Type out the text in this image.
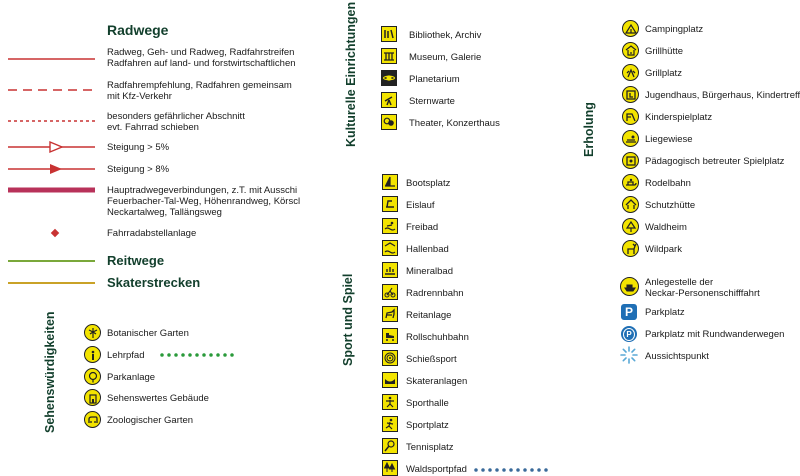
Radwege
Radweg, Geh- und Radweg, Radfahrstreifen
Radfahren auf land- und forstwirtschaftlichen
Radfahrempfehlung, Radfahren gemeinsam
mit Kfz-Verkehr
besonders gefährlicher Abschnitt
evt. Fahrrad schieben
Steigung > 5%
Steigung > 8%
Hauptradwegeverbindungen, z.T. mit Ausschi
Feuerbacher-Tal-Weg, Höhenrandweg, Körscl
Neckartalweg, Tallängsweg
Fahrradabstellanlage
Reitwege
Skaterstrecken
Sehenswürdigkeiten	Botanischer Garten
Lehrpfad
Parkanlage
Sehenswertes Gebäude
Zoologischer Garten
Kulturelle Einrichtungen	Bibliothek, Archiv
Museum, Galerie
Planetarium
Sternwarte
Theater, Konzerthaus
Sport und Spiel
Bootsplatz
Eislauf
Freibad
Hallenbad
Mineralbad
Radrennbahn
Reitanlage
Rollschuhbahn
Schießsport
Skateranlagen
Sporthalle
Sportplatz
Tennisplatz
Waldsportpfad
Erholung
Campingplatz
Grillhütte
Grillplatz
Jugendhaus, Bürgerhaus, Kindertreff
Kinderspielplatz
Liegewiese
Pädagogisch betreuter Spielplatz
Rodelbahn
Schutzhütte
Waldheim
Wildpark
Anlegestelle der
Neckar-Personenschifffahrt
P	Parkplatz
P	Parkplatz mit Rundwanderwegen
Aussichtspunkt
